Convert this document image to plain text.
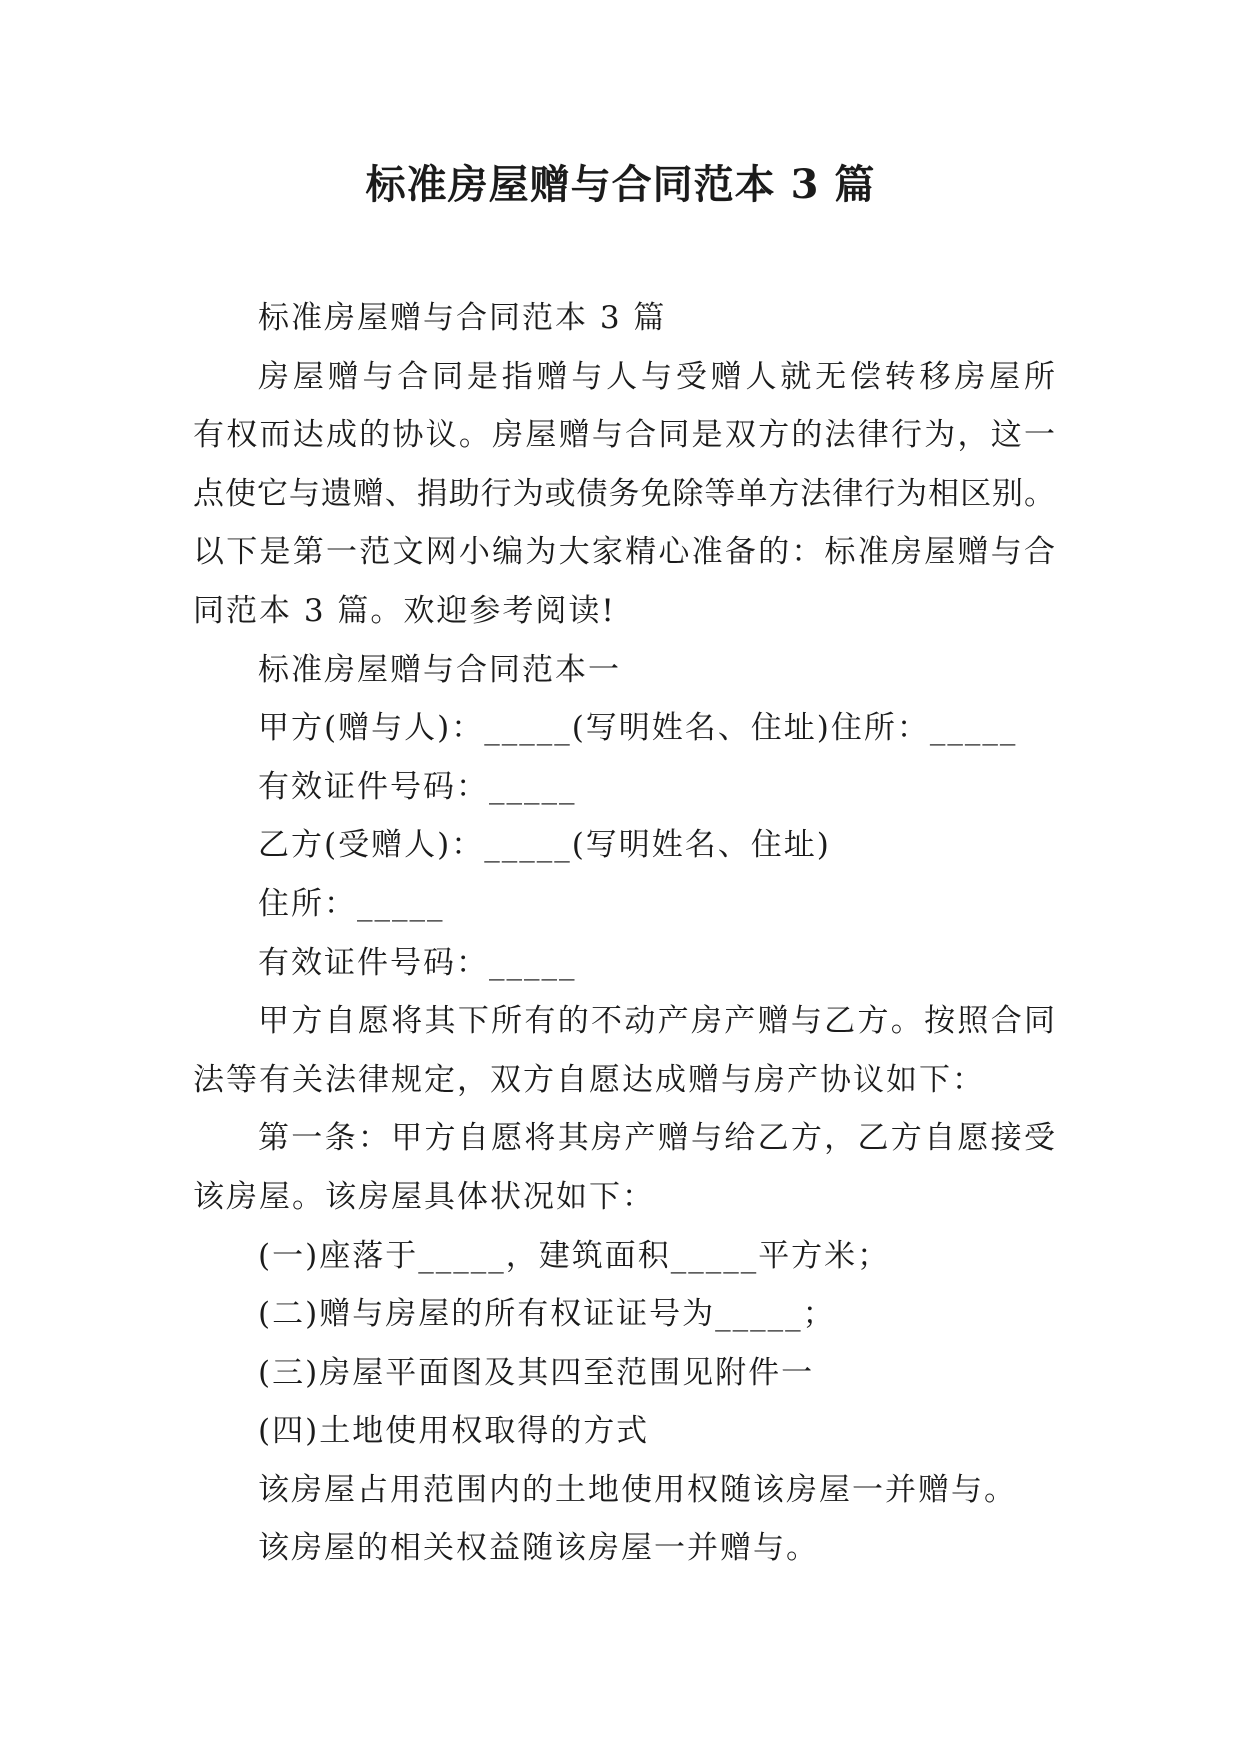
标准房屋赠与合同范本 3 篇
标准房屋赠与合同范本 3 篇
房屋赠与合同是指赠与人与受赠人就无偿转移房屋所
有权而达成的协议。房屋赠与合同是双方的法律行为，这一
点使它与遗赠、捐助行为或债务免除等单方法律行为相区别。
以下是第一范文网小编为大家精心准备的：标准房屋赠与合
同范本 3 篇。欢迎参考阅读!
标准房屋赠与合同范本一
甲方(赠与人)：_____(写明姓名、住址)住所：_____
有效证件号码：_____
乙方(受赠人)：_____(写明姓名、住址)
住所：_____
有效证件号码：_____
甲方自愿将其下所有的不动产房产赠与乙方。按照合同
法等有关法律规定，双方自愿达成赠与房产协议如下：
第一条：甲方自愿将其房产赠与给乙方，乙方自愿接受
该房屋。该房屋具体状况如下：
(一)座落于_____，建筑面积_____平方米；
(二)赠与房屋的所有权证证号为_____；
(三)房屋平面图及其四至范围见附件一
(四)土地使用权取得的方式
该房屋占用范围内的土地使用权随该房屋一并赠与。
该房屋的相关权益随该房屋一并赠与。
